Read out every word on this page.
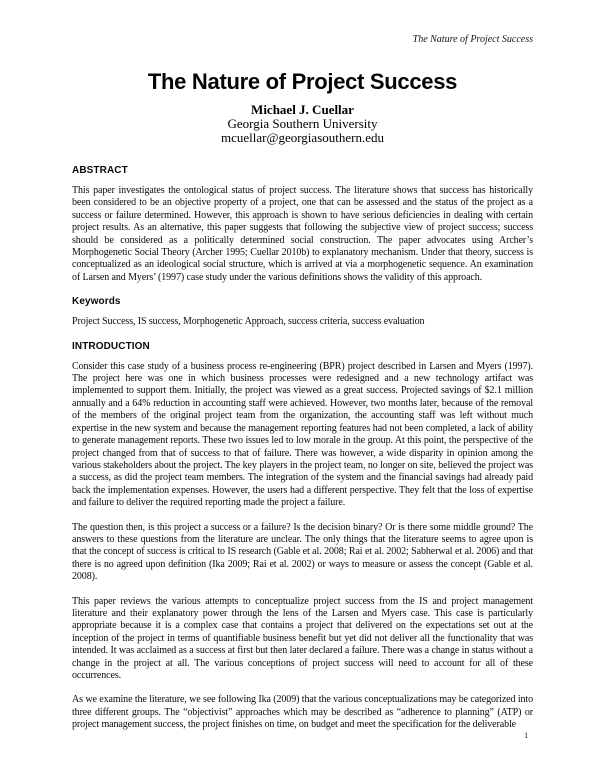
The Nature of Project Success
The Nature of Project Success
Michael J. Cuellar
Georgia Southern University
mcuellar@georgiasouthern.edu
ABSTRACT

This paper investigates the ontological status of project success. The literature shows that success has historically been considered to be an objective property of a project, one that can be assessed and the status of the project as a success or failure determined. However, this approach is shown to have serious deficiencies in dealing with certain project results. As an alternative, this paper suggests that following the subjective view of project success; success should be considered as a politically determined social construction. The paper advocates using Archer’s Morphogenetic Social Theory (Archer 1995; Cuellar 2010b) to explanatory mechanism. Under that theory, success is conceptualized as an ideological social structure, which is arrived at via a morphogenetic sequence. An examination of Larsen and Myers’ (1997) case study under the various definitions shows the validity of this approach.

Keywords

Project Success, IS success, Morphogenetic Approach, success criteria, success evaluation

INTRODUCTION

Consider this case study of a business process re-engineering (BPR) project described in Larsen and Myers (1997). The project here was one in which business processes were redesigned and a new technology artifact was implemented to support them. Initially, the project was viewed as a great success. Projected savings of $2.1 million annually and a 64% reduction in accounting staff were achieved. However, two months later, because of the removal of the members of the original project team from the organization, the accounting staff was left without much expertise in the new system and because the management reporting features had not been completed, a lack of ability to generate management reports. These two issues led to low morale in the group. At this point, the perspective of the project changed from that of success to that of failure. There was however, a wide disparity in opinion among the various stakeholders about the project. The key players in the project team, no longer on site, believed the project was a success, as did the project team members. The integration of the system and the financial savings had already paid back the implementation expenses. However, the users had a different perspective. They felt that the loss of expertise and failure to deliver the required reporting made the project a failure.

The question then, is this project a success or a failure? Is the decision binary? Or is there some middle ground? The answers to these questions from the literature are unclear. The only things that the literature seems to agree upon is that the concept of success is critical to IS research (Gable et al. 2008; Rai et al. 2002; Sabherwal et al. 2006) and that there is no agreed upon definition (Ika 2009; Rai et al. 2002) or ways to measure or assess the concept (Gable et al. 2008).

This paper reviews the various attempts to conceptualize project success from the IS and project management literature and their explanatory power through the lens of the Larsen and Myers case. This case is particularly appropriate because it is a complex case that contains a project that delivered on the expectations set out at the inception of the project in terms of quantifiable business benefit but yet did not deliver all the functionality that was intended. It was acclaimed as a success at first but then later declared a failure. There was a change in status without a change in the project at all. The various conceptions of project success will need to account for all of these occurrences.

As we examine the literature, we see following Ika (2009) that the various conceptualizations may be categorized into three different groups. The “objectivist” approaches which may be described as “adherence to planning” (ATP) or project management success, the project finishes on time, on budget and meet the specification for the deliverable

1
